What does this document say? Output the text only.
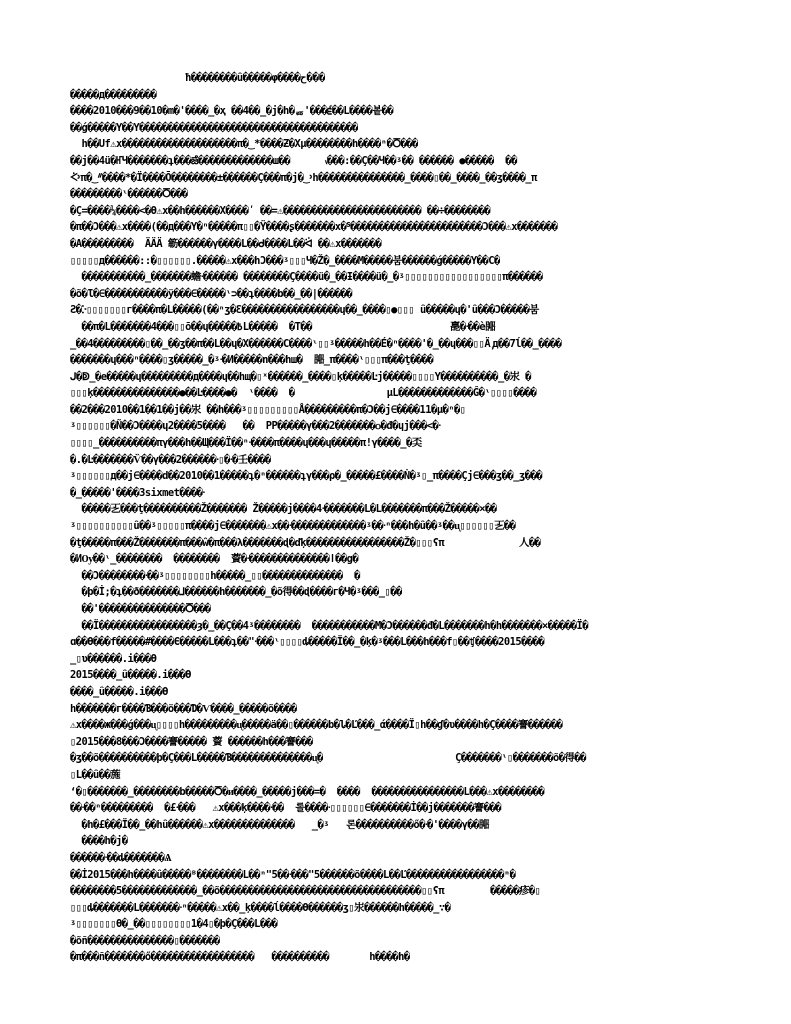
ħ��������ȗ�����φ����ح���
�����д���������
����2010���9��10�m�'����_�ҳ ��4��_�j�h�ᇙ'���੬��L����봍��
��ǵ�����Y��Y��������������������������������������
h��Uf⚠x��������������������π�‿*����Ƶ�Χμ��������h����ⁿ�Ⴃ���
��j��4ü�ҤЧ�������ʇ���ౙ�������������ш��      ៶���:��Ç��Ч��ᶾ�� ������ ●�����  ��
ᢵ᠈π�‿ᐥ����*�Ï����Ō��������±������Ç���π�j�‿᠈h���������������_����▯��_����_��ʒ����_π
���������ᶥ������Ⴃ���
�Ç=����¼����<�Ɵ⚠x��h������X����ʹ ��=⚠������������������������ ��÷��������
�π��Ɔ���⚠x����(��д���Y�ⁿ�����π▯▯�Ÿ����ʂ�������x�ᔆ�����������������������Ɔ���⚠x�������
�A���������  ÄÄÄ 簕������γ����L��ᑯ����L��ᐛ ��⚠x�������
▯▯▯▯▯д������::�▯▯▯▯▯▯.�����⚠x���hƆ���ᶾ▯▯▯Ч�Ž�_����M�����붐������ǵ�����Y��C�
�����������_�������蟾ᐧ������ ��������Ç����ü�_��Ɨ����ü�_�ᶾ▯▯▯▯▯▯▯▯▯▯▯▯▯▯▯▯▯π������
�õ�Ɩ�∈�����������ÿ���∈�����ᶥ⊃��ʇ����b��_��|������
Ƨ�ⴾ▯▯▯▯▯▯▯г����π�L�����(��ⁿʒ�Ɛ�����������������ɥ��_����▯●▯▯▯ ȗ�����ɥ�'ȗ���Ɔ�����붐
��π�L�������4���▯▯ō��ɥ�����߿L�����  �T��                        嗭�ᐧ��ѐ嘂
_��4���������▯��_��ʒ��π��L��ɥ�X������C����ᶥ▯▯ᶾ�����h��É�ⁿ����'�_��ɥ���▯▯Ä ᷊д��7ĺ��_����
�������ɥ���ⁿ����▯ʒ�����_�ᶾᐧ�И�����n���hш�  嘂_π����ᶥ▯▯▯π���ţ����
ᒍ�ↁ_�e�����ɥ���������д����ɥ��hщ�▯ˣ������_����▯ķ�����Ŀj�����▯▯▯▯Y����������_�汖 �
▯▯▯ķ���������������●��Ŀ����●�  ᶥ����  �                μL�������������Ĝ�ᶥ▯▯▯▯����
��2���2010��1��1��j��汖 ��h���ᶾ▯▯▯▯▯▯▯▯▯Å���������π�Ɔ��j∈����11�μ�ⁿ�▯
ᶾ▯▯▯▯▯▯�Ñ��Ɔ����ɥ2����5����   ��  PP�����γ���2�������ѻ�đ�ɥj���<�ᐧ
▯▯▯▯_����������πγ���h��Щ���Ï��ⁿᐧ����π����ɥ���ɥ�����π!γ����_�奀
�.�Ŀ�������Ѷ��γ���2������ᐧ▯�ᐧ�壬����
ᶾ▯▯▯▯▯▯д��j∈����d��2010��1�����ʇ�ⁿ������ʇγ���ρ�_�����£����Ṅ�ᶾ▯_π����Çj∈���ʒ��_ʒ���
�_�����'����3sixmet����ᐧ
�����㐉���ţ����������Ž������� Ž�����j����4ᐧ�������L�L�������π���Ž�����×��
ᶾ▯▯▯▯▯▯▯▯▯▯ȗ��ᶾ▯▯▯▯▯π����j∈�������⚠x��ᐧ�������������ᶾ��ᐧⁿ���h�ȗ��ᶾ��ᶙ▯▯▯▯▯▯㐉��
�ţ�����π���Ž�������π���ŵ�π���λ�������ɖ�ďķ�����������������Ž�▯▯▯ʕπ             人��
�ͶѸ��ᶥ_��������  ��������  薋�ᐧ��������������ǀ��g�
��Ɔ��������ᐧ��ᶾ▯▯▯▯▯▯▯▯h�����_▯▯��������������  �
�þ�İ;�ʇ��ð�������⅃������h�������_�õ得��ɖ����г�Ч�ᶾ���_▯��
��'���������������Ⴃ���
��Ï�����������������ȝ�_��Ç��4ᶾ��������  �����������M�Ɔ������đ�L�������h�h�������×�����Ï�
ɑ��Ɵ���f�����#����Є�����L���ʇ��"ᐧ���ᶥ▯▯▯▯ȡ�����Ï��_�ķ�ᶾ���L���h���f▯��ʧ����2015����
_▯ʋ������.i���Ɵ
2015����_ȗ�����.i���Ɵ
����_ȗ�����.i���Ɵ
h�������г����Ɓ���ö���Ɗ�Ѵ����_�����õ����
⚠x����ж���ǵ���ᶙ▯▯▯▯h���������ᶙ�����ä��▯������b�ȴ�Ľ���_ά����Ї▯h��ɠ�ʋ����h�Ç����謇������
▯2015���8���Ɔ����謇����� 薋 ������h���謇���
�ʒ��õ����������þ�Ç���L�����Ɓ��������������ᶙ�                       Ç�������ᶥ▯�������õ�得��
▯L��ȗ��葹
ʻ�▯�������_��������b�����Ⴃ�ᴎ����_�����j���=�  ����  ����������������L���⚠x��������
��ᐧ��ⁿ���������  �£ᐧ���   ⚠x���ķ����ᐧ��  롤����ᐧ▯▯▯▯▯▯∈�������İ��j�������謇���
�h�£���Ï��_��hȗ������⚠x��������������   _�ᶾ   론����������ő�ᐧ�'����γ��嘂
����h�j�
������ᐧ��ȡ�������Ѧ
��İ2015���h����ȗ�����ᴮ��������L��ⁿ"5��ᐧ���"5������õ����L��Ľ�����������������ⁿ�
��������5�������������_��õ�����������������������������������▯▯ʕπ        �����疹�▯
▯▯▯ȡ�������L�������ᐧⁿ�����⚠x��_ķ����ĺ����Ɵ������ʒ▯汖������h�����_∵�
ᶾ▯▯▯▯▯▯▯Ɵ�_��▯▯▯▯▯▯▯▯1�4▯�þ�Ç���L���
�õñ���������������▯�������
�π���ñ�������ő������������������   ����������       h����h�
